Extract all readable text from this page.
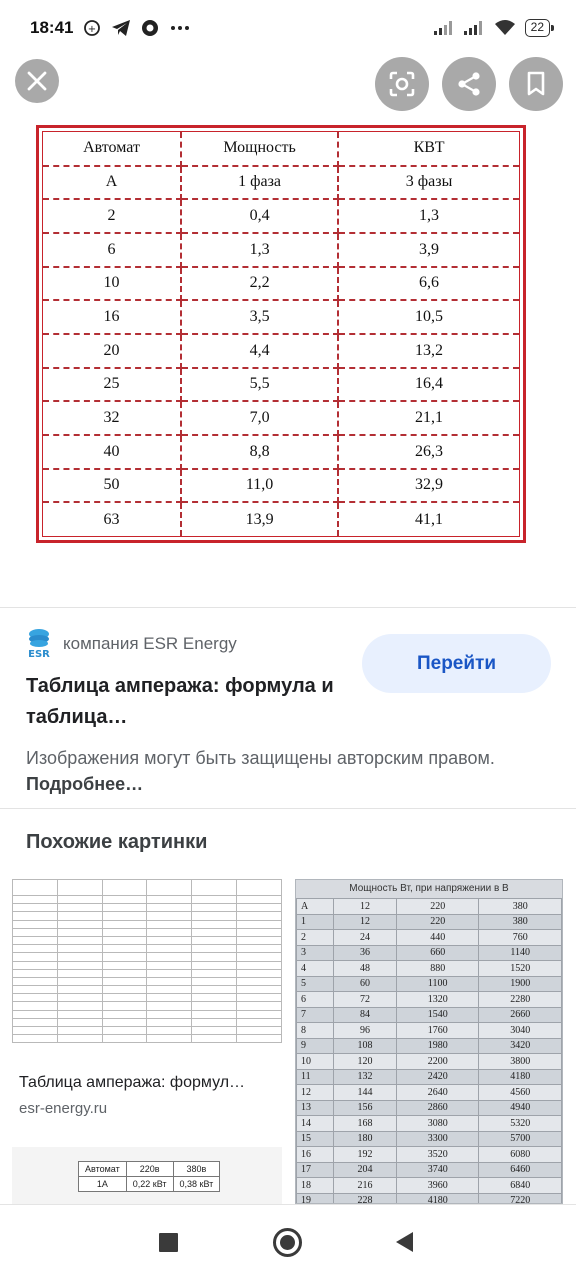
18:41 +	22
Автомат	Мощность	КВТ
А	1 фаза	3 фазы
2	0,4	1,3
6	1,3	3,9
10	2,2	6,6
16	3,5	10,5
20	4,4	13,2
25	5,5	16,4
32	7,0	21,1
40	8,8	26,3
50	11,0	32,9
63	13,9	41,1
ESR
компания ESR Energy
Перейти
Таблица ампеража: формула и таблица…
Изображения могут быть защищены авторским правом. Подробнее…
Похожие картинки

Таблица ампеража: формул…
esr-energy.ru
Мощность Вт, при напряжении в В
A	12	220	380
1	12	220	380
2	24	440	760
3	36	660	1140
4	48	880	1520
5	60	1100	1900
6	72	1320	2280
7	84	1540	2660
8	96	1760	3040
9	108	1980	3420
10	120	2200	3800
11	132	2420	4180
12	144	2640	4560
13	156	2860	4940
14	168	3080	5320
15	180	3300	5700
16	192	3520	6080
17	204	3740	6460
18	216	3960	6840
19	228	4180	7220
Автомат	220в	380в
1А	0,22 кВт	0,38 кВт
